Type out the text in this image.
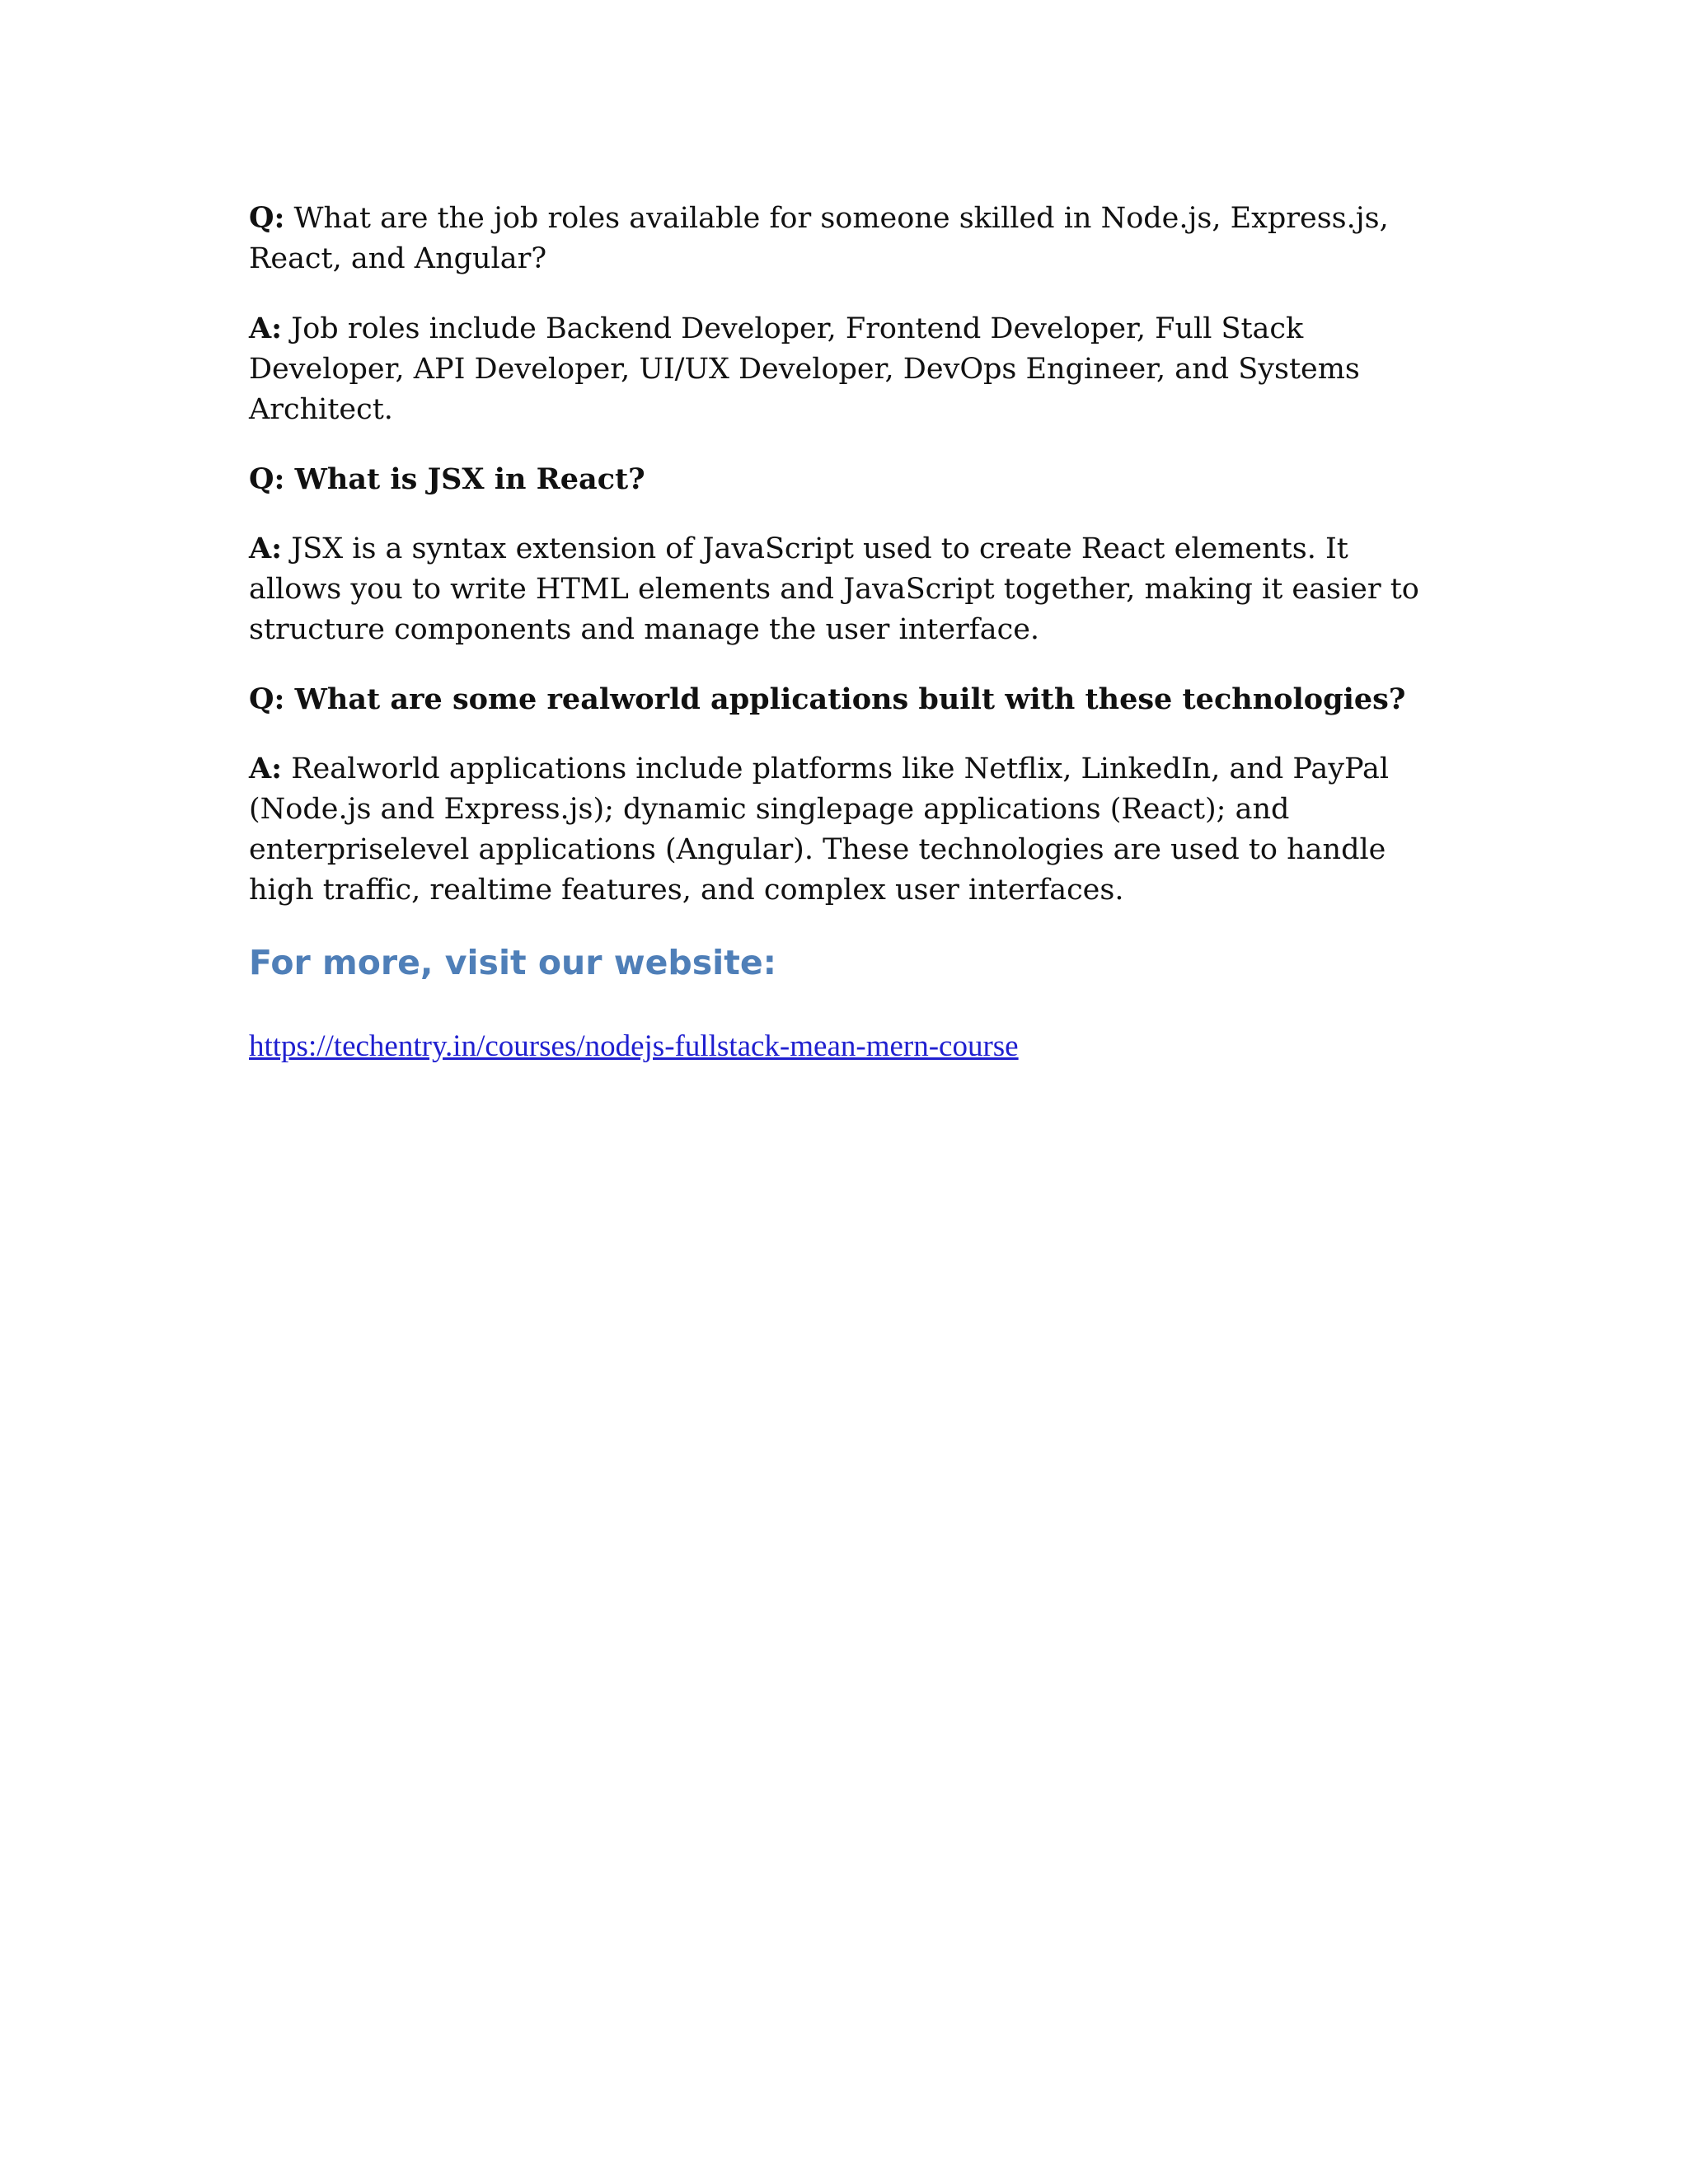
Q: What are the job roles available for someone skilled in Node.js, Express.js, React, and Angular?

A: Job roles include Backend Developer, Frontend Developer, Full Stack Developer, API Developer, UI/UX Developer, DevOps Engineer, and Systems Architect.

Q: What is JSX in React?

A: JSX is a syntax extension of JavaScript used to create React elements. It allows you to write HTML elements and JavaScript together, making it easier to structure components and manage the user interface.

Q: What are some realworld applications built with these technologies?

A: Realworld applications include platforms like Netflix, LinkedIn, and PayPal (Node.js and Express.js); dynamic singlepage applications (React); and enterpriselevel applications (Angular). These technologies are used to handle high traffic, realtime features, and complex user interfaces.

For more, visit our website:
https://techentry.in/courses/nodejs-fullstack-mean-mern-course
